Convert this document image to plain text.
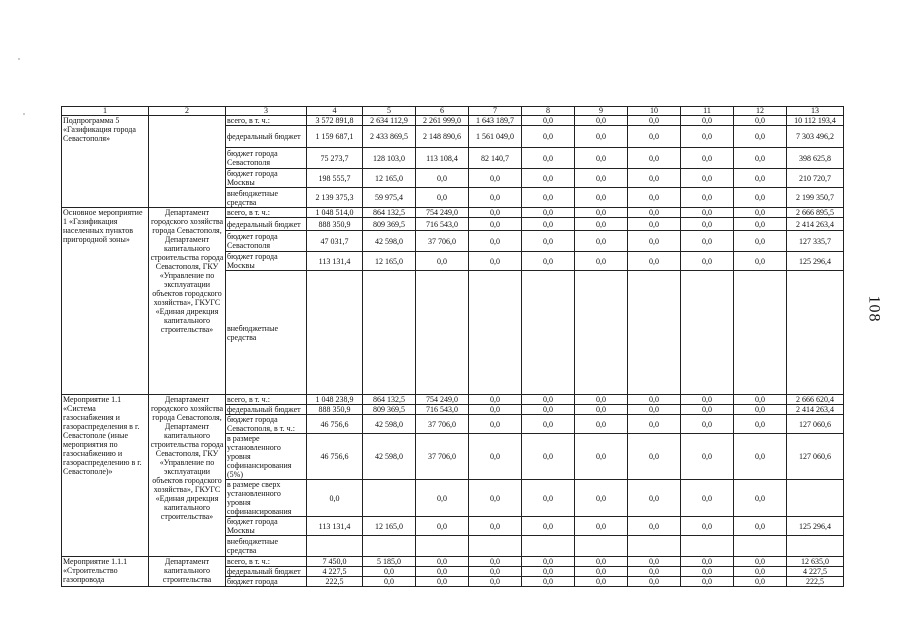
1	2	3	4	5	6	7	8	9	10	11	12	13
Подпрограмма 5 «Газификация города Севастополя»		всего, в т. ч.:	3 572 891,8	2 634 112,9	2 261 999,0	1 643 189,7	0,0	0,0	0,0	0,0	0,0	10 112 193,4
		федеральный бюджет	1 159 687,1	2 433 869,5	2 148 890,6	1 561 049,0	0,0	0,0	0,0	0,0	0,0	7 303 496,2
		бюджет города Севастополя	75 273,7	128 103,0	113 108,4	82 140,7	0,0	0,0	0,0	0,0	0,0	398 625,8
		бюджет города Москвы	198 555,7	12 165,0	0,0	0,0	0,0	0,0	0,0	0,0	0,0	210 720,7
		внебюджетные средства	2 139 375,3	59 975,4	0,0	0,0	0,0	0,0	0,0	0,0	0,0	2 199 350,7
Основное мероприятие 1 «Газификация населенных пунктов пригородной зоны»	Департамент городского хозяйства города Севастополя, Департамент капитального строительства города Севастополя, ГКУ «Управление по эксплуатации объектов городского хозяйства», ГКУГС «Единая дирекция капитального строительства»	всего, в т. ч.:	1 048 514,0	864 132,5	754 249,0	0,0	0,0	0,0	0,0	0,0	0,0	2 666 895,5
		федеральный бюджет	888 350,9	809 369,5	716 543,0	0,0	0,0	0,0	0,0	0,0	0,0	2 414 263,4
		бюджет города Севастополя	47 031,7	42 598,0	37 706,0	0,0	0,0	0,0	0,0	0,0	0,0	127 335,7
		бюджет города Москвы	113 131,4	12 165,0	0,0	0,0	0,0	0,0	0,0	0,0	0,0	125 296,4
		внебюджетные средства										
Мероприятие 1.1 «Система газоснабжения и газораспределения в г. Севастополе (иные мероприятия по газоснабжению и газораспределению в г. Севастополе)»	Департамент городского хозяйства города Севастополя, Департамент капитального строительства города Севастополя, ГКУ «Управление по эксплуатации объектов городского хозяйства», ГКУГС «Единая дирекция капитального строительства»	всего, в т. ч.:	1 048 238,9	864 132,5	754 249,0	0,0	0,0	0,0	0,0	0,0	0,0	2 666 620,4
		федеральный бюджет	888 350,9	809 369,5	716 543,0	0,0	0,0	0,0	0,0	0,0	0,0	2 414 263,4
		бюджет города Севастополя, в т. ч.:	46 756,6	42 598,0	37 706,0	0,0	0,0	0,0	0,0	0,0	0,0	127 060,6
		в размере установленного уровня софинансирования (5%)	46 756,6	42 598,0	37 706,0	0,0	0,0	0,0	0,0	0,0	0,0	127 060,6
		в размере сверх установленного уровня софинансирования	0,0		0,0	0,0	0,0	0,0	0,0	0,0	0,0	
		бюджет города Москвы	113 131,4	12 165,0	0,0	0,0	0,0	0,0	0,0	0,0	0,0	125 296,4
		внебюджетные средства										
Мероприятие 1.1.1 «Строительство газопровода	Департамент капитального строительства	всего, в т. ч.:	7 450,0	5 185,0	0,0	0,0	0,0	0,0	0,0	0,0	0,0	12 635,0
		федеральный бюджет	4 227,5	0,0	0,0	0,0	0,0	0,0	0,0	0,0	0,0	4 227,5
		бюджет города	222,5	0,0	0,0	0,0	0,0	0,0	0,0	0,0	0,0	222,5
108
